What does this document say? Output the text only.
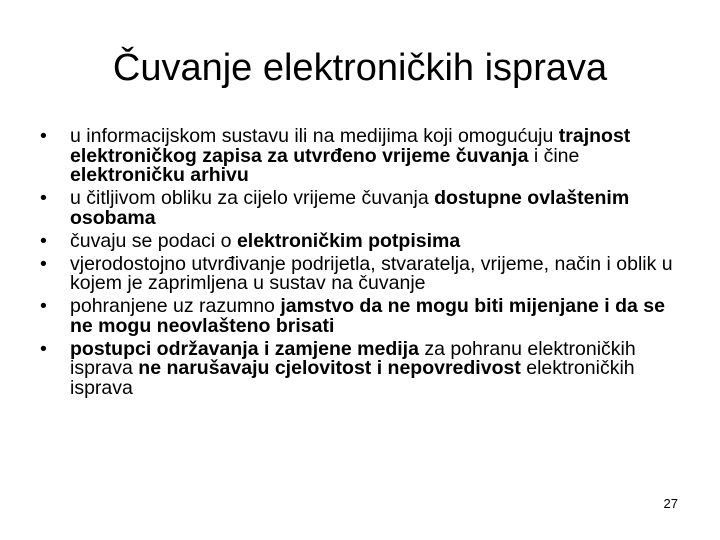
Čuvanje elektroničkih isprava
•	u informacijskom sustavu ili na medijima koji omogućuju trajnost elektroničkog zapisa za utvrđeno vrijeme čuvanja i čine elektroničku arhivu
•	u čitljivom obliku za cijelo vrijeme čuvanja dostupne ovlaštenim osobama
•	čuvaju se podaci o elektroničkim potpisima
•	vjerodostojno utvrđivanje podrijetla, stvaratelja, vrijeme, način i oblik u kojem je zaprimljena u sustav na čuvanje
•	pohranjene uz razumno jamstvo da ne mogu biti mijenjane i da se ne mogu neovlašteno brisati
•	postupci održavanja i zamjene medija za pohranu elektroničkih isprava ne narušavaju cjelovitost i nepovredivost elektroničkih isprava
27
